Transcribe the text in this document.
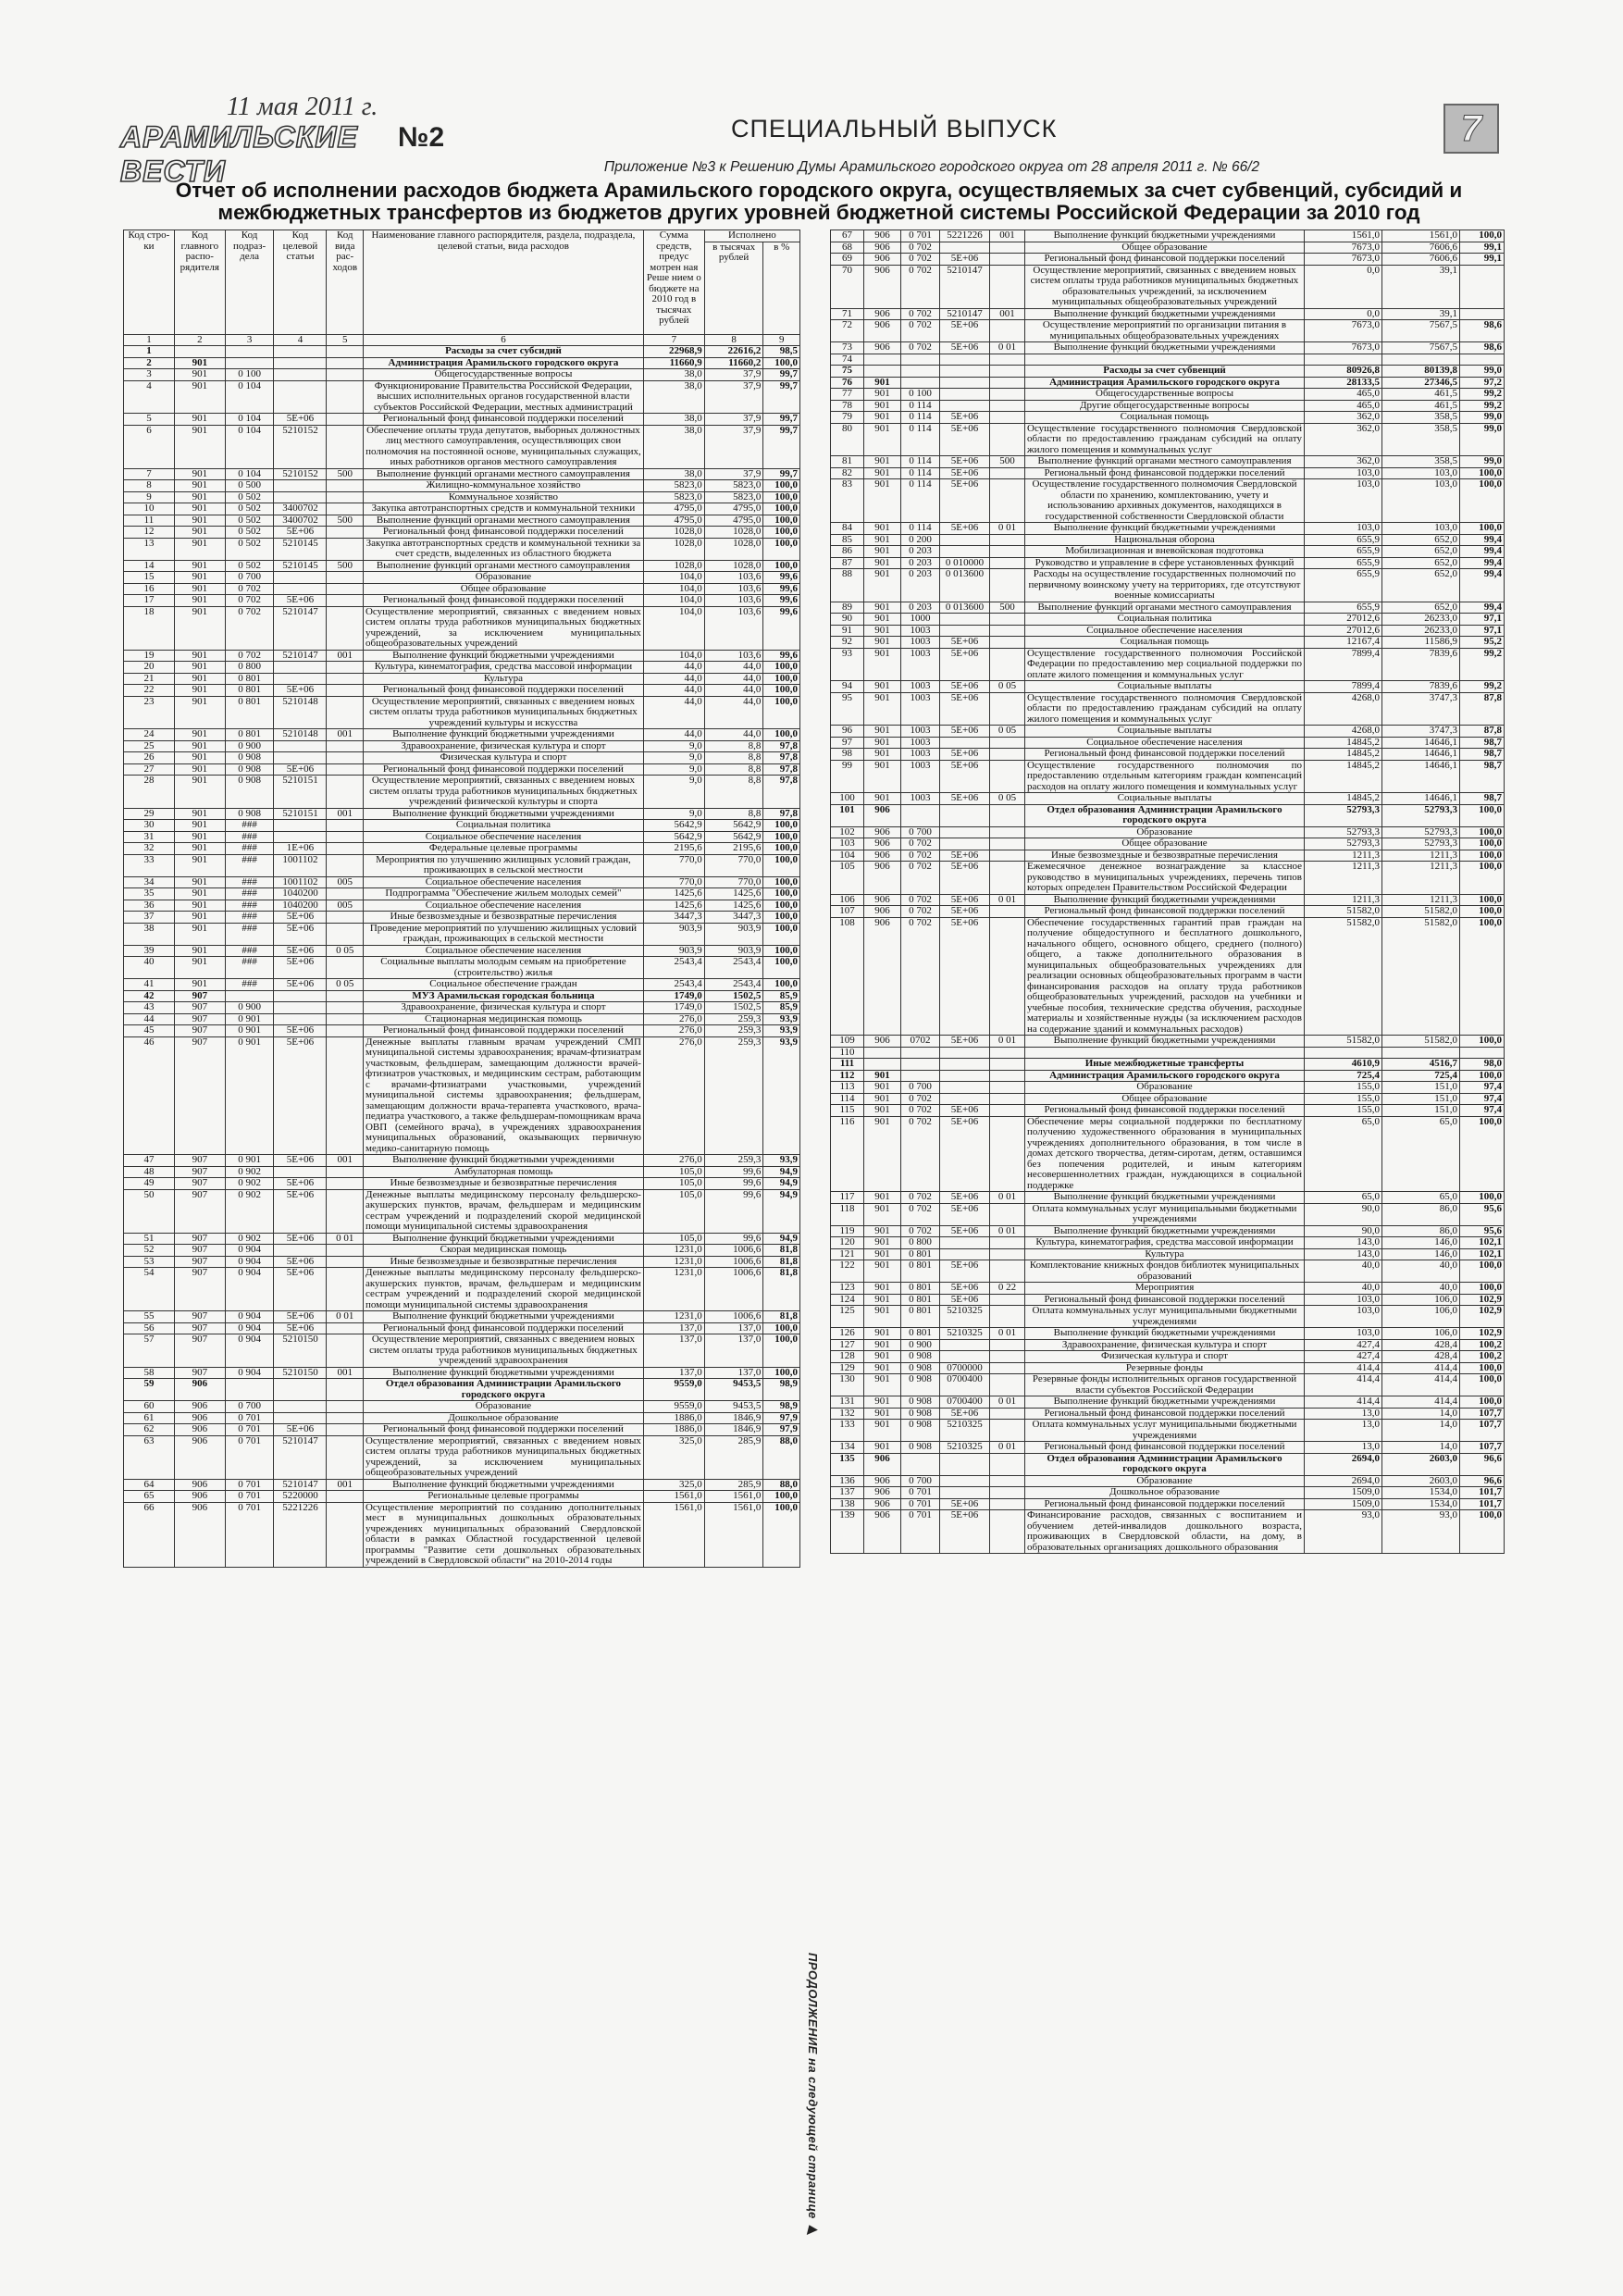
11 мая 2011 г.
АРАМИЛЬСКИЕ ВЕСТИ
№2	СПЕЦИАЛЬНЫЙ ВЫПУСК	7
Приложение №3 к Решению Думы Арамильского городского округа от 28 апреля 2011 г. № 66/2
Отчет об исполнении расходов бюджета Арамильского городского округа, осуществляемых за счет субвенций, субсидий и межбюджетных трансфертов из бюджетов других уровней бюджетной системы Российской Федерации за 2010 год
Код стро-ки	Код главного распо-рядителя	Код подраз-дела	Код целевой статьи	Код вида рас-ходов	Наименование главного распорядителя, раздела, подраздела, целевой статьи, вида расходов	Сумма средств, предус мотрен ная Реше нием о бюджете на 2010 год в тысячах рублей	Исполнено	
							в тысячах рублей	в %
1	2	3	4	5	6	7	8	9
1					Расходы за счет субсидий	22968,9	22616,2	98,5
2	901				Администрация Арамильского городского округа	11660,9	11660,2	100,0
3	901	0 100			Общегосударственные вопросы	38,0	37,9	99,7
4	901	0 104			Функционирование Правительства Российской Федерации, высших исполнительных органов государственной власти субъектов Российской Федерации, местных администраций	38,0	37,9	99,7
5	901	0 104	5E+06		Региональный фонд финансовой поддержки поселений	38,0	37,9	99,7
6	901	0 104	5210152		Обеспечение оплаты труда депутатов, выборных должностных лиц местного самоуправления, осуществляющих свои полномочия на постоянной основе, муниципальных служащих, иных работников органов местного самоуправления	38,0	37,9	99,7
7	901	0 104	5210152	500	Выполнение функций органами местного самоуправления	38,0	37,9	99,7
8	901	0 500			Жилищно-коммунальное хозяйство	5823,0	5823,0	100,0
9	901	0 502			Коммунальное хозяйство	5823,0	5823,0	100,0
10	901	0 502	3400702		Закупка автотранспортных средств и коммунальной техники	4795,0	4795,0	100,0
11	901	0 502	3400702	500	Выполнение функций органами местного самоуправления	4795,0	4795,0	100,0
12	901	0 502	5E+06		Региональный фонд финансовой поддержки поселений	1028,0	1028,0	100,0
13	901	0 502	5210145		Закупка автотранспортных средств и коммунальной техники за счет средств, выделенных из областного бюджета	1028,0	1028,0	100,0
14	901	0 502	5210145	500	Выполнение функций органами местного самоуправления	1028,0	1028,0	100,0
15	901	0 700			Образование	104,0	103,6	99,6
16	901	0 702			Общее образование	104,0	103,6	99,6
17	901	0 702	5E+06		Региональный фонд финансовой поддержки поселений	104,0	103,6	99,6
18	901	0 702	5210147		Осуществление мероприятий, связанных с введением новых систем оплаты труда работников муниципальных бюджетных учреждений, за исключением муниципальных общеобразовательных учреждений	104,0	103,6	99,6
19	901	0 702	5210147	001	Выполнение функций бюджетными учреждениями	104,0	103,6	99,6
20	901	0 800			Культура, кинематография, средства массовой информации	44,0	44,0	100,0
21	901	0 801			Культура	44,0	44,0	100,0
22	901	0 801	5E+06		Региональный фонд финансовой поддержки поселений	44,0	44,0	100,0
23	901	0 801	5210148		Осуществление мероприятий, связанных с введением новых систем оплаты труда работников муниципальных бюджетных учреждений культуры и искусства	44,0	44,0	100,0
24	901	0 801	5210148	001	Выполнение функций бюджетными учреждениями	44,0	44,0	100,0
25	901	0 900			Здравоохранение, физическая культура и спорт	9,0	8,8	97,8
26	901	0 908			Физическая культура и спорт	9,0	8,8	97,8
27	901	0 908	5E+06		Региональный фонд финансовой поддержки поселений	9,0	8,8	97,8
28	901	0 908	5210151		Осуществление мероприятий, связанных с введением новых систем оплаты труда работников муниципальных бюджетных учреждений физической культуры и спорта	9,0	8,8	97,8
29	901	0 908	5210151	001	Выполнение функций бюджетными учреждениями	9,0	8,8	97,8
30	901	###			Социальная политика	5642,9	5642,9	100,0
31	901	###			Социальное обеспечение населения	5642,9	5642,9	100,0
32	901	###	1E+06		Федеральные целевые программы	2195,6	2195,6	100,0
33	901	###	1001102		Мероприятия по улучшению жилищных условий граждан, проживающих в сельской местности	770,0	770,0	100,0
34	901	###	1001102	005	Социальное обеспечение населения	770,0	770,0	100,0
35	901	###	1040200		Подпрограмма "Обеспечение жильем молодых семей"	1425,6	1425,6	100,0
36	901	###	1040200	005	Социальное обеспечение населения	1425,6	1425,6	100,0
37	901	###	5E+06		Иные безвозмездные и безвозвратные перечисления	3447,3	3447,3	100,0
38	901	###	5E+06		Проведение мероприятий по улучшению жилищных условий граждан, проживающих в сельской местности	903,9	903,9	100,0
39	901	###	5E+06	0 05	Социальное обеспечение населения	903,9	903,9	100,0
40	901	###	5E+06		Социальные выплаты молодым семьям на приобретение (строительство) жилья	2543,4	2543,4	100,0
41	901	###	5E+06	0 05	Социальное обеспечение граждан	2543,4	2543,4	100,0
42	907				МУЗ Арамильская городская больница	1749,0	1502,5	85,9
43	907	0 900			Здравоохранение, физическая культура и спорт	1749,0	1502,5	85,9
44	907	0 901			Стационарная медицинская помощь	276,0	259,3	93,9
45	907	0 901	5E+06		Региональный фонд финансовой поддержки поселений	276,0	259,3	93,9
46	907	0 901	5E+06		Денежные выплаты главным врачам учреждений СМП муниципальной системы здравоохранения; врачам-фтизиатрам участковым, фельдшерам, замещающим должности врачей-фтизиатров участковых, и медицинским сестрам, работающим с врачами-фтизиатрами участковыми, учреждений муниципальной системы здравоохранения; фельдшерам, замещающим должности врача-терапевта участкового, врача-педиатра участкового, а также фельдшерам-помощникам врача ОВП (семейного врача), в учреждениях здравоохранения муниципальных образований, оказывающих первичную медико-санитарную помощь	276,0	259,3	93,9
47	907	0 901	5E+06	001	Выполнение функций бюджетными учреждениями	276,0	259,3	93,9
48	907	0 902			Амбулаторная помощь	105,0	99,6	94,9
49	907	0 902	5E+06		Иные безвозмездные и безвозвратные перечисления	105,0	99,6	94,9
50	907	0 902	5E+06		Денежные выплаты медицинскому персоналу фельдшерско-акушерских пунктов, врачам, фельдшерам и медицинским сестрам учреждений и подразделений скорой медицинской помощи муниципальной системы здравоохранения	105,0	99,6	94,9
51	907	0 902	5E+06	0 01	Выполнение функций бюджетными учреждениями	105,0	99,6	94,9
52	907	0 904			Скорая медицинская помощь	1231,0	1006,6	81,8
53	907	0 904	5E+06		Иные безвозмездные и безвозвратные перечисления	1231,0	1006,6	81,8
54	907	0 904	5E+06		Денежные выплаты медицинскому персоналу фельдшерско-акушерских пунктов, врачам, фельдшерам и медицинским сестрам учреждений и подразделений скорой медицинской помощи муниципальной системы здравоохранения	1231,0	1006,6	81,8
55	907	0 904	5E+06	0 01	Выполнение функций бюджетными учреждениями	1231,0	1006,6	81,8
56	907	0 904	5E+06		Региональный фонд финансовой поддержки поселений	137,0	137,0	100,0
57	907	0 904	5210150		Осуществление мероприятий, связанных с введением новых систем оплаты труда работников муниципальных бюджетных учреждений здравоохранения	137,0	137,0	100,0
58	907	0 904	5210150	001	Выполнение функций бюджетными учреждениями	137,0	137,0	100,0
59	906				Отдел образования Администрации Арамильского городского округа	9559,0	9453,5	98,9
60	906	0 700			Образование	9559,0	9453,5	98,9
61	906	0 701			Дошкольное образование	1886,0	1846,9	97,9
62	906	0 701	5E+06		Региональный фонд финансовой поддержки поселений	1886,0	1846,9	97,9
63	906	0 701	5210147		Осуществление мероприятий, связанных с введением новых систем оплаты труда работников муниципальных бюджетных учреждений, за исключением муниципальных общеобразовательных учреждений	325,0	285,9	88,0
64	906	0 701	5210147	001	Выполнение функций бюджетными учреждениями	325,0	285,9	88,0
65	906	0 701	5220000		Региональные целевые программы	1561,0	1561,0	100,0
66	906	0 701	5221226		Осуществление мероприятий по созданию дополнительных мест в муниципальных дошкольных образовательных учреждениях муниципальных образований Свердловской области в рамках Областной государственной целевой программы "Развитие сети дошкольных образовательных учреждений в Свердловской области" на 2010-2014 годы	1561,0	1561,0	100,0
67	906	0 701	5221226	001	Выполнение функций бюджетными учреждениями	1561,0	1561,0	100,0
68	906	0 702			Общее образование	7673,0	7606,6	99,1
69	906	0 702	5E+06		Региональный фонд финансовой поддержки поселений	7673,0	7606,6	99,1
70	906	0 702	5210147		Осуществление мероприятий, связанных с введением новых систем оплаты труда работников муниципальных бюджетных образовательных учреждений, за исключением муниципальных общеобразовательных учреждений	0,0	39,1	
71	906	0 702	5210147	001	Выполнение функций бюджетными учреждениями	0,0	39,1	
72	906	0 702	5E+06		Осуществление мероприятий по организации питания в муниципальных общеобразовательных учреждениях	7673,0	7567,5	98,6
73	906	0 702	5E+06	0 01	Выполнение функций бюджетными учреждениями	7673,0	7567,5	98,6
74								
75					Расходы за счет субвенций	80926,8	80139,8	99,0
76	901				Администрация Арамильского городского округа	28133,5	27346,5	97,2
77	901	0 100			Общегосударственные вопросы	465,0	461,5	99,2
78	901	0 114			Другие общегосударственные вопросы	465,0	461,5	99,2
79	901	0 114	5E+06		Социальная помощь	362,0	358,5	99,0
80	901	0 114	5E+06		Осуществление государственного полномочия Свердловской области по предоставлению гражданам субсидий на оплату жилого помещения и коммунальных услуг	362,0	358,5	99,0
81	901	0 114	5E+06	500	Выполнение функций органами местного самоуправления	362,0	358,5	99,0
82	901	0 114	5E+06		Региональный фонд финансовой поддержки поселений	103,0	103,0	100,0
83	901	0 114	5E+06		Осуществление государственного полномочия Свердловской области по хранению, комплектованию, учету и использованию архивных документов, находящихся в государственной собственности Свердловской области	103,0	103,0	100,0
84	901	0 114	5E+06	0 01	Выполнение функций бюджетными учреждениями	103,0	103,0	100,0
85	901	0 200			Национальная оборона	655,9	652,0	99,4
86	901	0 203			Мобилизационная и вневойсковая подготовка	655,9	652,0	99,4
87	901	0 203	0 010000		Руководство и управление в сфере установленных функций	655,9	652,0	99,4
88	901	0 203	0 013600		Расходы на осуществление государственных полномочий по первичному воинскому учету на территориях, где отсутствуют военные комиссариаты	655,9	652,0	99,4
89	901	0 203	0 013600	500	Выполнение функций органами местного самоуправления	655,9	652,0	99,4
90	901	1000			Социальная политика	27012,6	26233,0	97,1
91	901	1003			Социальное обеспечение населения	27012,6	26233,0	97,1
92	901	1003	5E+06		Социальная помощь	12167,4	11586,9	95,2
93	901	1003	5E+06		Осуществление государственного полномочия Российской Федерации по предоставлению мер социальной поддержки по оплате жилого помещения и коммунальных услуг	7899,4	7839,6	99,2
94	901	1003	5E+06	0 05	Социальные выплаты	7899,4	7839,6	99,2
95	901	1003	5E+06		Осуществление государственного полномочия Свердловской области по предоставлению гражданам субсидий на оплату жилого помещения и коммунальных услуг	4268,0	3747,3	87,8
96	901	1003	5E+06	0 05	Социальные выплаты	4268,0	3747,3	87,8
97	901	1003			Социальное обеспечение населения	14845,2	14646,1	98,7
98	901	1003	5E+06		Региональный фонд финансовой поддержки поселений	14845,2	14646,1	98,7
99	901	1003	5E+06		Осуществление государственного полномочия по предоставлению отдельным категориям граждан компенсаций расходов на оплату жилого помещения и коммунальных услуг	14845,2	14646,1	98,7
100	901	1003	5E+06	0 05	Социальные выплаты	14845,2	14646,1	98,7
101	906				Отдел образования Администрации Арамильского городского округа	52793,3	52793,3	100,0
102	906	0 700			Образование	52793,3	52793,3	100,0
103	906	0 702			Общее образование	52793,3	52793,3	100,0
104	906	0 702	5E+06		Иные безвозмездные и безвозвратные перечисления	1211,3	1211,3	100,0
105	906	0 702	5E+06		Ежемесячное денежное вознаграждение за классное руководство в муниципальных учреждениях, перечень типов которых определен Правительством Российской Федерации	1211,3	1211,3	100,0
106	906	0 702	5E+06	0 01	Выполнение функций бюджетными учреждениями	1211,3	1211,3	100,0
107	906	0 702	5E+06		Региональный фонд финансовой поддержки поселений	51582,0	51582,0	100,0
108	906	0 702	5E+06		Обеспечение государственных гарантий прав граждан на получение общедоступного и бесплатного дошкольного, начального общего, основного общего, среднего (полного) общего, а также дополнительного образования в муниципальных общеобразовательных учреждениях для реализации основных общеобразовательных программ в части финансирования расходов на оплату труда работников общеобразовательных учреждений, расходов на учебники и учебные пособия, технические средства обучения, расходные материалы и хозяйственные нужды (за исключением расходов на содержание зданий и коммунальных расходов)	51582,0	51582,0	100,0
109	906	0702	5E+06	0 01	Выполнение функций бюджетными учреждениями	51582,0	51582,0	100,0
110								
111					Иные межбюджетные трансферты	4610,9	4516,7	98,0
112	901				Администрация Арамильского городского округа	725,4	725,4	100,0
113	901	0 700			Образование	155,0	151,0	97,4
114	901	0 702			Общее образование	155,0	151,0	97,4
115	901	0 702	5E+06		Региональный фонд финансовой поддержки поселений	155,0	151,0	97,4
116	901	0 702	5E+06		Обеспечение меры социальной поддержки по бесплатному получению художественного образования в муниципальных учреждениях дополнительного образования, в том числе в домах детского творчества, детям-сиротам, детям, оставшимся без попечения родителей, и иным категориям несовершеннолетних граждан, нуждающихся в социальной поддержке	65,0	65,0	100,0
117	901	0 702	5E+06	0 01	Выполнение функций бюджетными учреждениями	65,0	65,0	100,0
118	901	0 702	5E+06		Оплата коммунальных услуг муниципальными бюджетными учреждениями	90,0	86,0	95,6
119	901	0 702	5E+06	0 01	Выполнение функций бюджетными учреждениями	90,0	86,0	95,6
120	901	0 800			Культура, кинематография, средства массовой информации	143,0	146,0	102,1
121	901	0 801			Культура	143,0	146,0	102,1
122	901	0 801	5E+06		Комплектование книжных фондов библиотек муниципальных образований	40,0	40,0	100,0
123	901	0 801	5E+06	0 22	Мероприятия	40,0	40,0	100,0
124	901	0 801	5E+06		Региональный фонд финансовой поддержки поселений	103,0	106,0	102,9
125	901	0 801	5210325		Оплата коммунальных услуг муниципальными бюджетными учреждениями	103,0	106,0	102,9
126	901	0 801	5210325	0 01	Выполнение функций бюджетными учреждениями	103,0	106,0	102,9
127	901	0 900			Здравоохранение, физическая культура и спорт	427,4	428,4	100,2
128	901	0 908			Физическая культура и спорт	427,4	428,4	100,2
129	901	0 908	0700000		Резервные фонды	414,4	414,4	100,0
130	901	0 908	0700400		Резервные фонды исполнительных органов государственной власти субъектов Российской Федерации	414,4	414,4	100,0
131	901	0 908	0700400	0 01	Выполнение функций бюджетными учреждениями	414,4	414,4	100,0
132	901	0 908	5E+06		Региональный фонд финансовой поддержки поселений	13,0	14,0	107,7
133	901	0 908	5210325		Оплата коммунальных услуг муниципальными бюджетными учреждениями	13,0	14,0	107,7
134	901	0 908	5210325	0 01	Региональный фонд финансовой поддержки поселений	13,0	14,0	107,7
135	906				Отдел образования Администрации Арамильского городского округа	2694,0	2603,0	96,6
136	906	0 700			Образование	2694,0	2603,0	96,6
137	906	0 701			Дошкольное образование	1509,0	1534,0	101,7
138	906	0 701	5E+06		Региональный фонд финансовой поддержки поселений	1509,0	1534,0	101,7
139	906	0 701	5E+06		Финансирование расходов, связанных с воспитанием и обучением детей-инвалидов дошкольного возраста, проживающих в Свердловской области, на дому, в образовательных организациях дошкольного образования	93,0	93,0	100,0
ПРОДОЛЖЕНИЕ на следующей странице ▶
